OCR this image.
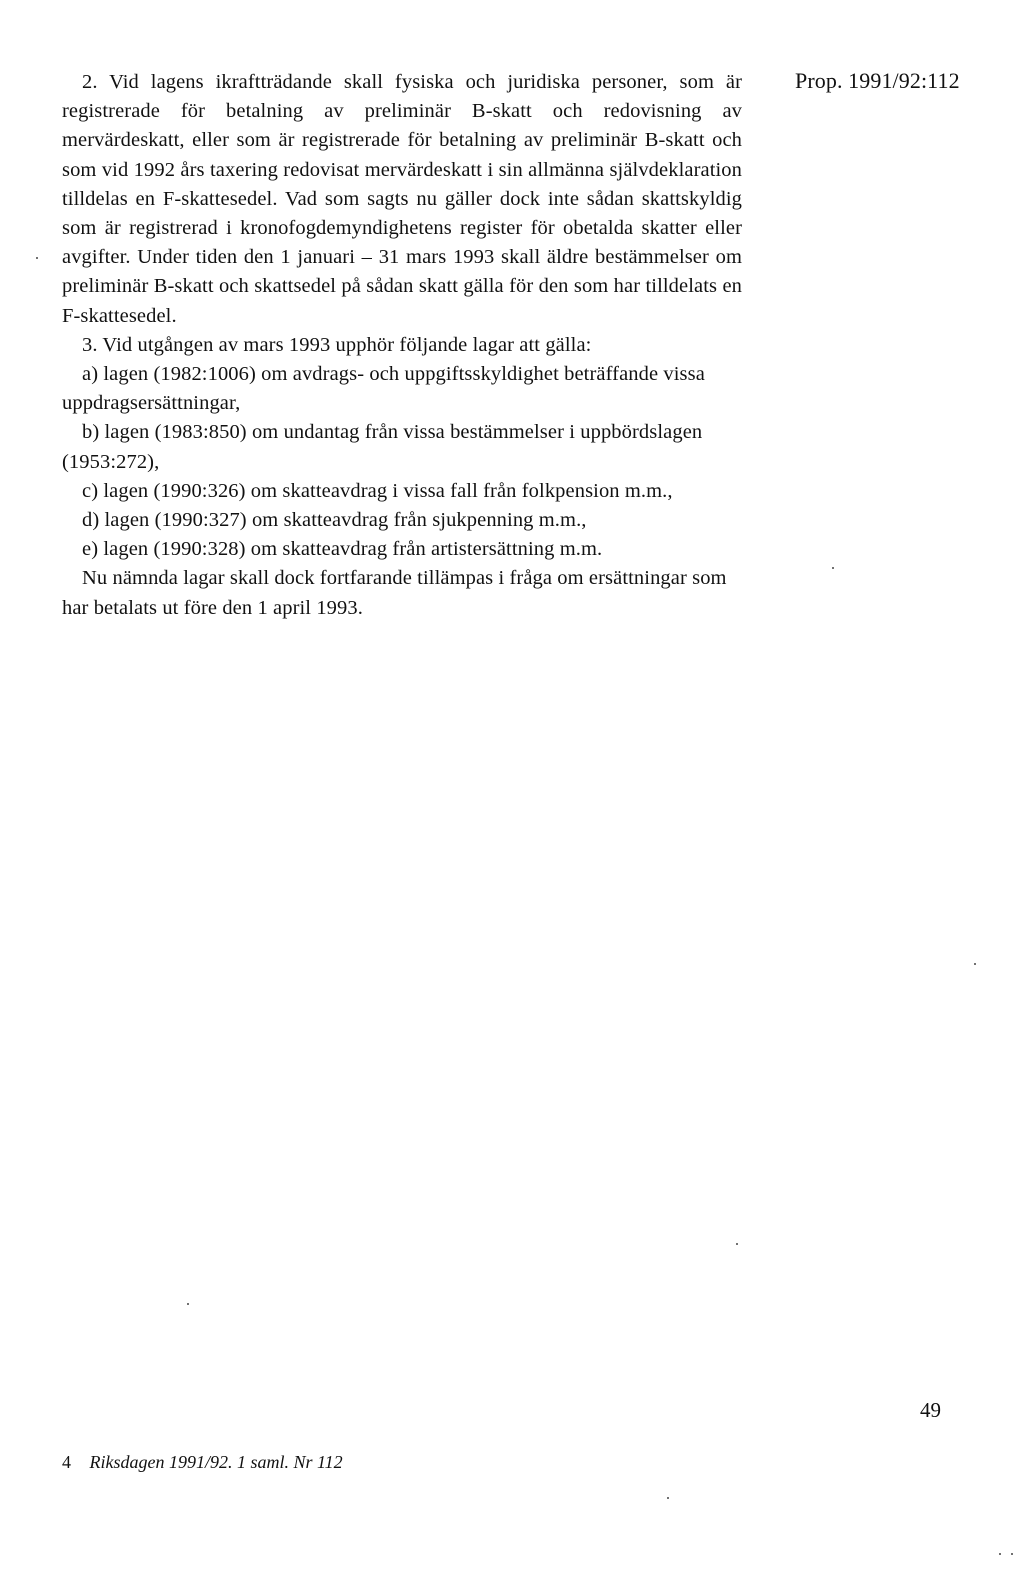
Prop. 1991/92:112

2. Vid lagens ikraftträdande skall fysiska och juridiska personer, som är registrerade för betalning av preliminär B-skatt och redovisning av mervärdeskatt, eller som är registrerade för betalning av preliminär B-skatt och som vid 1992 års taxering redovisat mervärdeskatt i sin allmänna självdeklaration tilldelas en F-skattesedel. Vad som sagts nu gäller dock inte sådan skattskyldig som är registrerad i kronofogdemyndighetens register för obetalda skatter eller avgifter. Under tiden den 1 januari – 31 mars 1993 skall äldre bestämmelser om preliminär B-skatt och skattsedel på sådan skatt gälla för den som har tilldelats en F-skattesedel.

3. Vid utgången av mars 1993 upphör följande lagar att gälla:

a) lagen (1982:1006) om avdrags- och uppgiftsskyldighet beträffande vissa uppdragsersättningar,

b) lagen (1983:850) om undantag från vissa bestämmelser i uppbördslagen (1953:272),

c) lagen (1990:326) om skatteavdrag i vissa fall från folkpension m.m.,

d) lagen (1990:327) om skatteavdrag från sjukpenning m.m.,

e) lagen (1990:328) om skatteavdrag från artistersättning m.m.

Nu nämnda lagar skall dock fortfarande tillämpas i fråga om ersättningar som har betalats ut före den 1 april 1993.

49
4 Riksdagen 1991/92. 1 saml. Nr 112
